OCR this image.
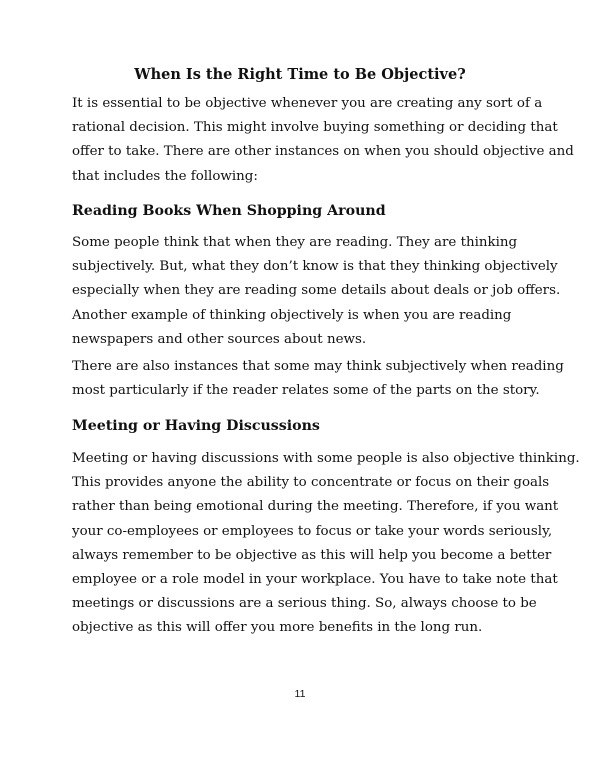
When Is the Right Time to Be Objective?

It is essential to be objective whenever you are creating any sort of a
rational decision. This might involve buying something or deciding that
offer to take. There are other instances on when you should objective and
that includes the following:

Reading Books When Shopping Around

Some people think that when they are reading. They are thinking
subjectively. But, what they don’t know is that they thinking objectively
especially when they are reading some details about deals or job offers.
Another example of thinking objectively is when you are reading
newspapers and other sources about news.

There are also instances that some may think subjectively when reading
most particularly if the reader relates some of the parts on the story.

Meeting or Having Discussions

Meeting or having discussions with some people is also objective thinking.
This provides anyone the ability to concentrate or focus on their goals
rather than being emotional during the meeting. Therefore, if you want
your co-employees or employees to focus or take your words seriously,
always remember to be objective as this will help you become a better
employee or a role model in your workplace. You have to take note that
meetings or discussions are a serious thing. So, always choose to be
objective as this will offer you more benefits in the long run.

11
